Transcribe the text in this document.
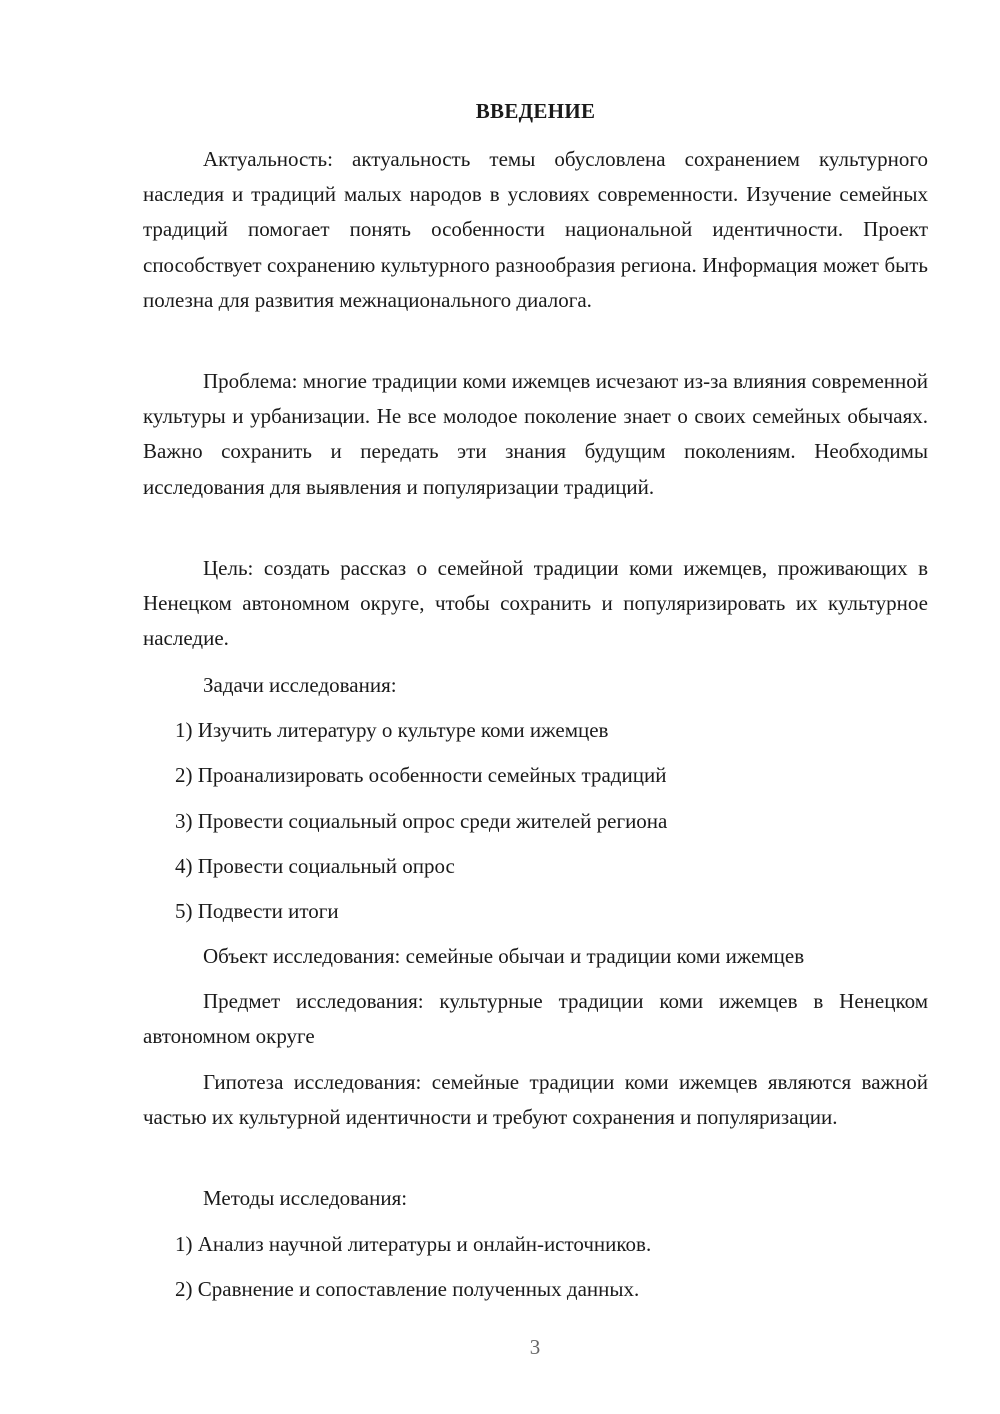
ВВЕДЕНИЕ

Актуальность: актуальность темы обусловлена сохранением культурного наследия и традиций малых народов в условиях современности. Изучение семейных традиций помогает понять особенности национальной идентичности. Проект способствует сохранению культурного разнообразия региона. Информация может быть полезна для развития межнационального диалога.

Проблема: многие традиции коми ижемцев исчезают из-за влияния современной культуры и урбанизации. Не все молодое поколение знает о своих семейных обычаях. Важно сохранить и передать эти знания будущим поколениям. Необходимы исследования для выявления и популяризации традиций.

Цель: создать рассказ о семейной традиции коми ижемцев, проживающих в Ненецком автономном округе, чтобы сохранить и популяризировать их культурное наследие.

Задачи исследования:
1) Изучить литературу о культуре коми ижемцев
2) Проанализировать особенности семейных традиций
3) Провести социальный опрос среди жителей региона
4) Провести социальный опрос
5) Подвести итоги
Объект исследования: семейные обычаи и традиции коми ижемцев

Предмет исследования: культурные традиции коми ижемцев в Ненецком автономном округе

Гипотеза исследования: семейные традиции коми ижемцев являются важной частью их культурной идентичности и требуют сохранения и популяризации.

Методы исследования:
1) Анализ научной литературы и онлайн-источников.
2) Сравнение и сопоставление полученных данных.
3
